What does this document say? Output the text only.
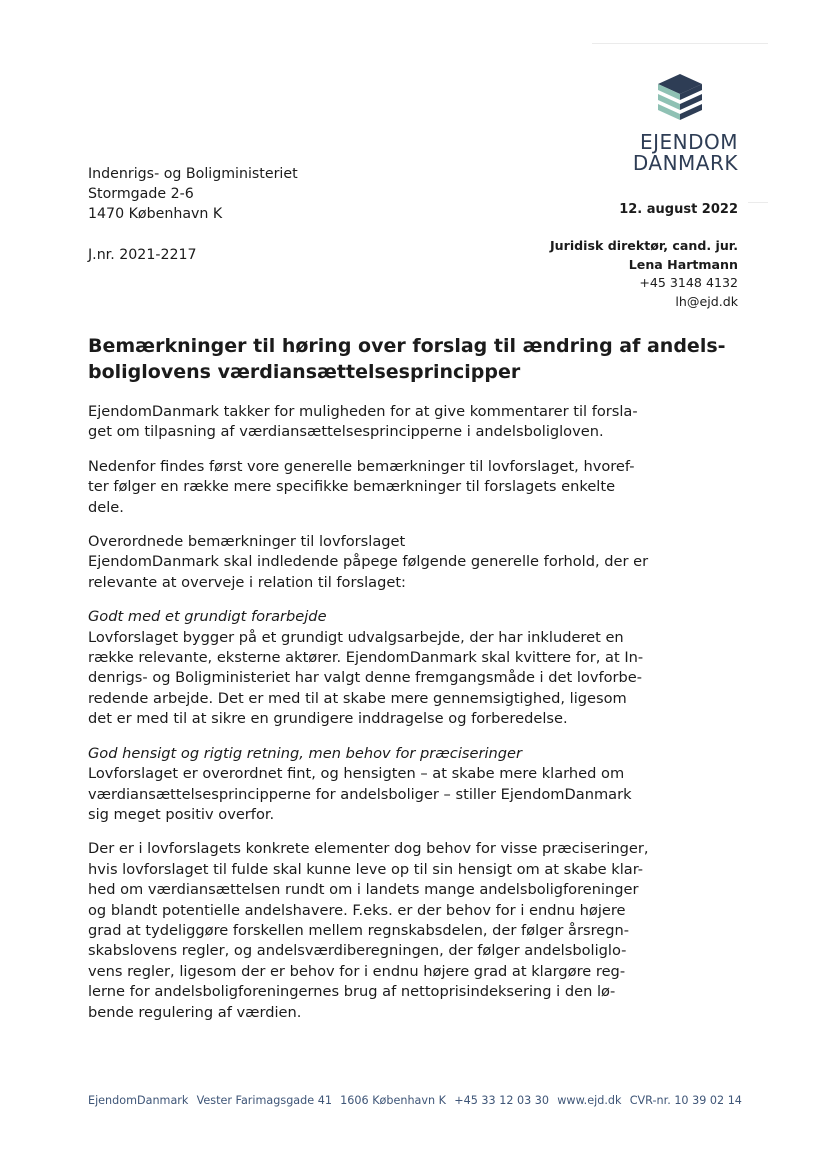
EJENDOM
DANMARK
Indenrigs- og Boligministeriet
Stormgade 2-6
1470 København K
J.nr. 2021-2217
12. august 2022
Juridisk direktør, cand. jur.
Lena Hartmann
+45 3148 4132
lh@ejd.dk
Bemærkninger til høring over forslag til ændring af andels-
boliglovens værdiansættelsesprincipper
EjendomDanmark takker for muligheden for at give kommentarer til forsla-
get om tilpasning af værdiansættelsesprincipperne i andelsboligloven.
Nedenfor findes først vore generelle bemærkninger til lovforslaget, hvoref-
ter følger en række mere specifikke bemærkninger til forslagets enkelte
dele.
Overordnede bemærkninger til lovforslaget
EjendomDanmark skal indledende påpege følgende generelle forhold, der er
relevante at overveje i relation til forslaget:
Godt med et grundigt forarbejde
Lovforslaget bygger på et grundigt udvalgsarbejde, der har inkluderet en
række relevante, eksterne aktører. EjendomDanmark skal kvittere for, at In-
denrigs- og Boligministeriet har valgt denne fremgangsmåde i det lovforbe-
redende arbejde. Det er med til at skabe mere gennemsigtighed, ligesom
det er med til at sikre en grundigere inddragelse og forberedelse.
God hensigt og rigtig retning, men behov for præciseringer
Lovforslaget er overordnet fint, og hensigten – at skabe mere klarhed om
værdiansættelsesprincipperne for andelsboliger – stiller EjendomDanmark
sig meget positiv overfor.
Der er i lovforslagets konkrete elementer dog behov for visse præciseringer,
hvis lovforslaget til fulde skal kunne leve op til sin hensigt om at skabe klar-
hed om værdiansættelsen rundt om i landets mange andelsboligforeninger
og blandt potentielle andelshavere. F.eks. er der behov for i endnu højere
grad at tydeliggøre forskellen mellem regnskabsdelen, der følger årsregn-
skabslovens regler, og andelsværdiberegningen, der følger andelsboliglo-
vens regler, ligesom der er behov for i endnu højere grad at klargøre reg-
lerne for andelsboligforeningernes brug af nettoprisindeksering i den lø-
bende regulering af værdien.
EjendomDanmark Vester Farimagsgade 41 1606 København K +45 33 12 03 30 www.ejd.dk CVR-nr. 10 39 02 14
